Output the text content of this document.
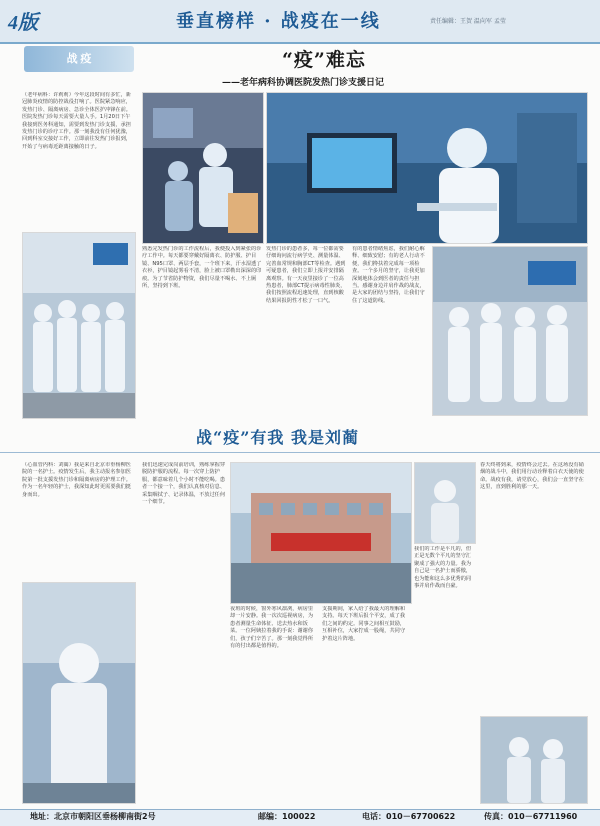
4版	垂直榜样 · 战疫在一线	责任编辑：王贺 温向军 孟莹
战 疫	“疫”难忘
——老年病科协调医院发热门诊支援日记
（老年病科：许莉莉）今年这段时间有多忙，新冠肺炎疫情的防控战役打响了。医院紧急响应，发热门诊、隔离病房、急诊全体医护冲锋在前。医院发热门诊每天需要大量人手。1月20日下午我接到医务科通知，需要到发热门诊支援，承担发热门诊的诊疗工作。那一刻我没有任何犹豫，回到科室交接好工作，立即前往发热门诊报到，开始了与病毒近距离接触的日子。
熟悉完发热门诊的工作流程后，我便投入到紧张的诊疗工作中。每天都要穿戴好隔离衣、防护服、护目镜、N95口罩、两层手套，一个班下来，汗水湿透了衣衫，护目镜起雾看不清，脸上被口罩勒出深深的印痕。为了节省防护物资，我们尽量不喝水、不上厕所，坚持到下班。
发热门诊的患者多，每一位都需要仔细询问流行病学史、测量体温、完善血常规和胸部CT等检查。遇到可疑患者，我们立即上报并安排隔离观察。有一天夜里接诊了一位高热患者，肺部CT提示病毒性肺炎，我们按照流程迅速处理，直到核酸结果回报阴性才松了一口气。
有的患者情绪焦虑，我们耐心解释、细致安慰；有的老人行动不便，我们搀扶着完成每一项检查。一个多月的坚守，让我更加深刻地体会到医者的责任与担当。感谢身边并肩作战的战友，是大家的团结与坚持，让我们守住了这道防线。
战“疫”有我 我是刘蔺
（心血管内科：刘蔺）我是来自北京市垂杨柳医院的一名护士。疫情发生后，我主动报名参加医院第一批支援发热门诊和隔离病房的护理工作。作为一名年轻的护士，我深知此时更需要我们挺身而出。
我们迅速完成岗前培训，熟练掌握穿脱防护服的流程。每一次穿上防护服，都意味着几个小时不能吃喝。患者一个接一个，我们认真核对信息、采集咽拭子、记录体温，不放过任何一个细节。
夜班的时候，窗外寒风凛冽，病房里却一片安静。我一次次巡视病房，为患者测量生命体征、送去热水和饭菜。一位阿姨拉着我的手说：谢谢你们，孩子们辛苦了。那一刻我觉得所有的付出都是值得的。
支援期间，家人给了我最大的理解和支持。每天下班后报个平安，成了我们之间的约定。同事之间相互鼓励，互相补位，大家拧成一股绳，共同守护着这片阵地。
我们的工作是平凡的，但正是无数个平凡的坚守汇聚成了强大的力量。我为自己是一名护士而骄傲，也为能和这么多优秀的同事并肩作战而自豪。
春天终将到来，疫情终会过去。在这场没有硝烟的战斗中，我们用行动诠释着白衣天使的使命。战疫有我，请党放心，我们会一直坚守在这里，直到胜利的那一天。
地址：北京市朝阳区垂杨柳南街2号	邮编：100022	电话：010－67700622	传真：010－67711960
